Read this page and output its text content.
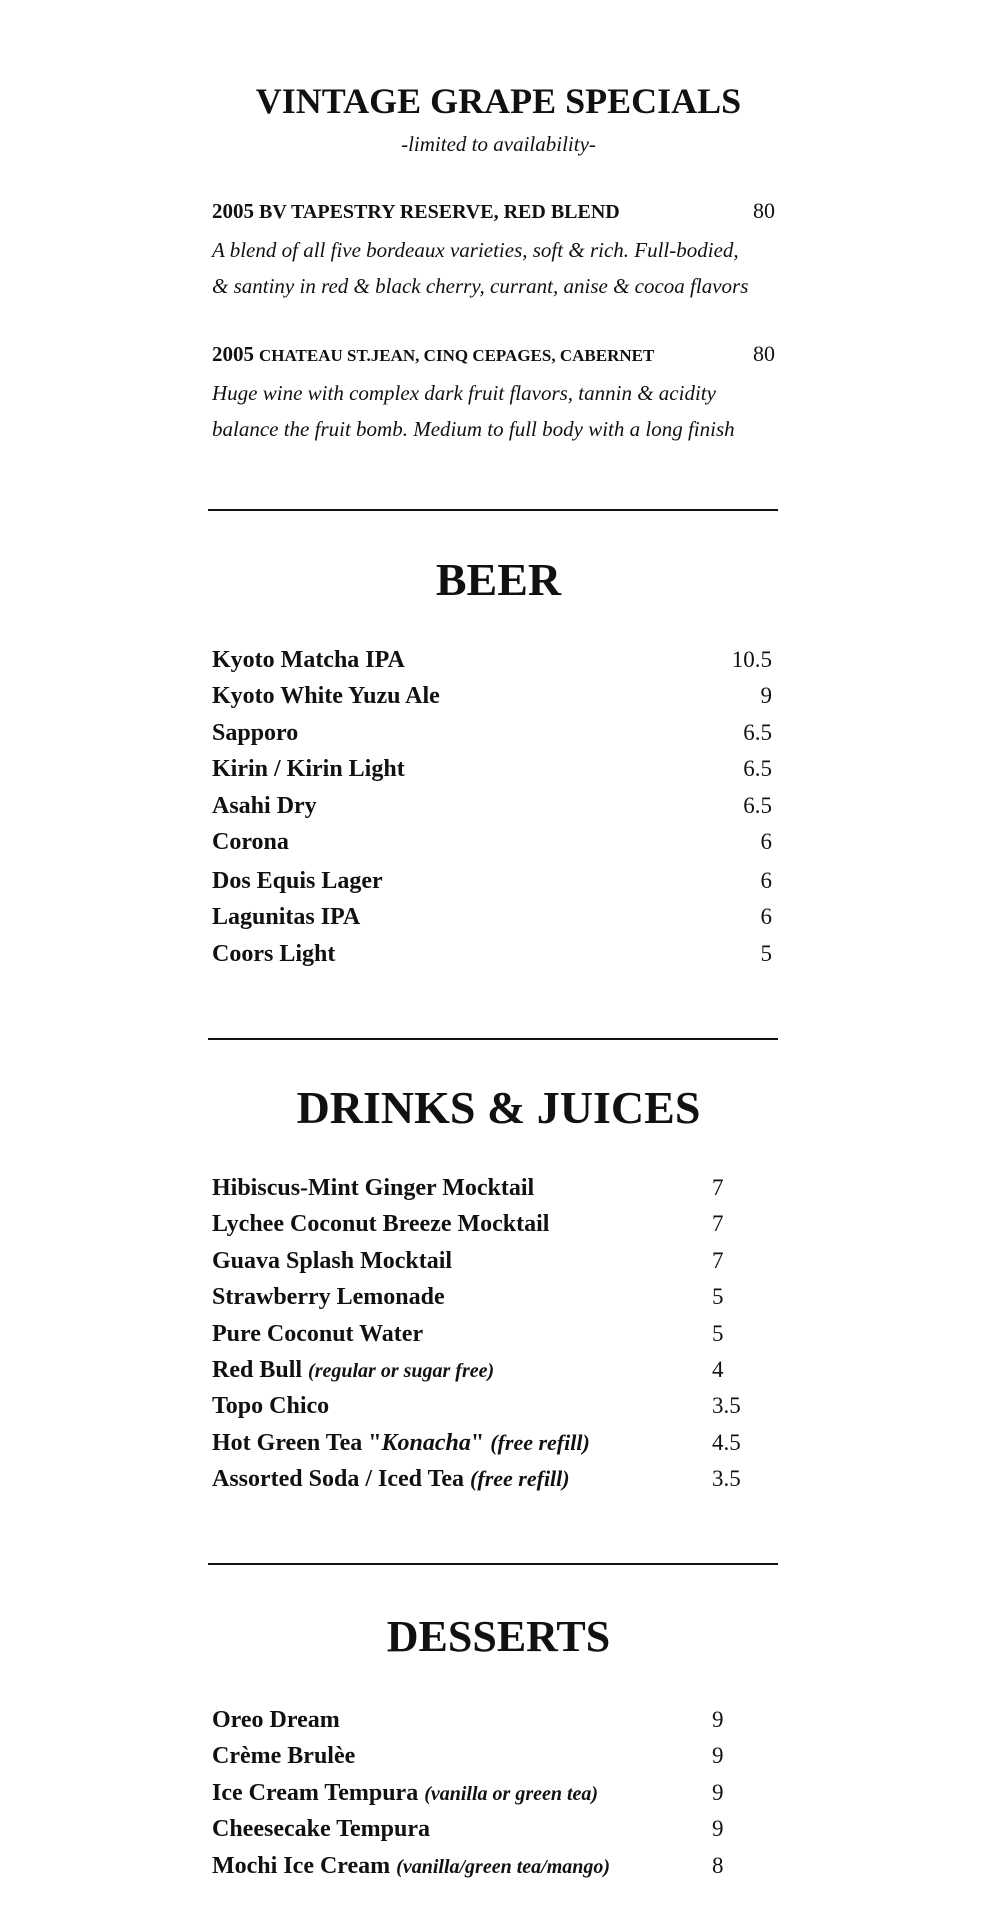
VINTAGE GRAPE SPECIALS

-limited to availability-

2005 BV TAPESTRY RESERVE, RED BLEND	80
A blend of all five bordeaux varieties, soft & rich. Full-bodied,
& santiny in red & black cherry, currant, anise & cocoa flavors
2005 CHATEAU ST.JEAN, CINQ CEPAGES, CABERNET	80
Huge wine with complex dark fruit flavors, tannin & acidity
balance the fruit bomb. Medium to full body with a long finish
BEER
Kyoto Matcha IPA	10.5
Kyoto White Yuzu Ale	9
Sapporo	6.5
Kirin / Kirin Light	6.5
Asahi Dry	6.5
Corona	6
Dos Equis Lager	6
Lagunitas IPA	6
Coors Light	5
DRINKS & JUICES
Hibiscus-Mint Ginger Mocktail	7
Lychee Coconut Breeze Mocktail	7
Guava Splash Mocktail	7
Strawberry Lemonade	5
Pure Coconut Water	5
Red Bull (regular or sugar free)	4
Topo Chico	3.5
Hot Green Tea "Konacha" (free refill)	4.5
Assorted Soda / Iced Tea (free refill)	3.5
DESSERTS
Oreo Dream	9
Crème Brulèe	9
Ice Cream Tempura (vanilla or green tea)	9
Cheesecake Tempura	9
Mochi Ice Cream (vanilla/green tea/mango)	8
